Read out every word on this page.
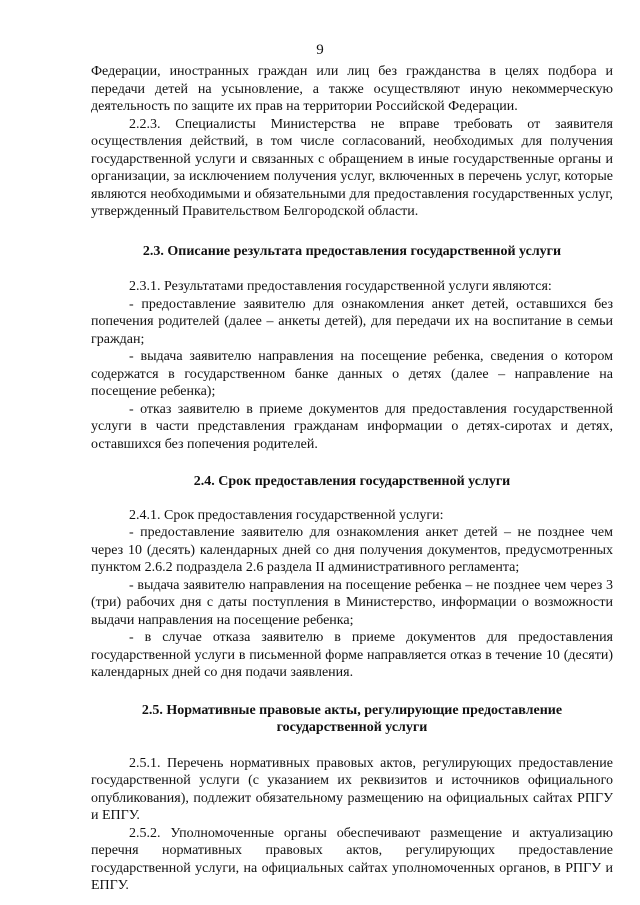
9

Федерации, иностранных граждан или лиц без гражданства в целях подбора и передачи детей на усыновление, а также осуществляют иную некоммерческую деятельность по защите их прав на территории Российской Федерации.

2.2.3. Специалисты Министерства не вправе требовать от заявителя осуществления действий, в том числе согласований, необходимых для получения государственной услуги и связанных с обращением в иные государственные органы и организации, за исключением получения услуг, включенных в перечень услуг, которые являются необходимыми и обязательными для предоставления государственных услуг, утвержденный Правительством Белгородской области.

2.3. Описание результата предоставления государственной услуги

2.3.1. Результатами предоставления государственной услуги являются:

- предоставление заявителю для ознакомления анкет детей, оставшихся без попечения родителей (далее – анкеты детей), для передачи их на воспитание в семьи граждан;

- выдача заявителю направления на посещение ребенка, сведения о котором содержатся в государственном банке данных о детях (далее – направление на посещение ребенка);

- отказ заявителю в приеме документов для предоставления государственной услуги в части представления гражданам информации о детях-сиротах и детях, оставшихся без попечения родителей.

2.4. Срок предоставления государственной услуги

2.4.1. Срок предоставления государственной услуги:

- предоставление заявителю для ознакомления анкет детей – не позднее чем через 10 (десять) календарных дней со дня получения документов, предусмотренных пунктом 2.6.2 подраздела 2.6 раздела II административного регламента;

- выдача заявителю направления на посещение ребенка – не позднее чем через 3 (три) рабочих дня с даты поступления в Министерство, информации о возможности выдачи направления на посещение ребенка;

- в случае отказа заявителю в приеме документов для предоставления государственной услуги в письменной форме направляется отказ в течение 10 (десяти) календарных дней со дня подачи заявления.

2.5. Нормативные правовые акты, регулирующие предоставление
государственной услуги

2.5.1. Перечень нормативных правовых актов, регулирующих предоставление государственной услуги (с указанием их реквизитов и источников официального опубликования), подлежит обязательному размещению на официальных сайтах РПГУ и ЕПГУ.

2.5.2. Уполномоченные органы обеспечивают размещение и актуализацию перечня нормативных правовых актов, регулирующих предоставление государственной услуги, на официальных сайтах уполномоченных органов, в РПГУ и ЕПГУ.
